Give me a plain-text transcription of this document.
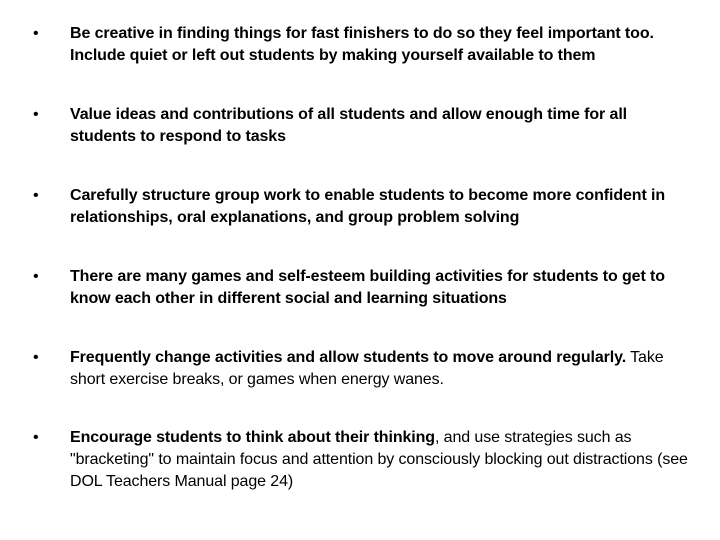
•	Be creative in finding things for fast finishers to do so they feel important too. Include quiet or left out students by making yourself available to them
•	Value ideas and contributions of all students and allow enough time for all students to respond to tasks
•	Carefully structure group work to enable students to become more confident in relationships, oral explanations, and group problem solving
•	There are many games and self-esteem building activities for students to get to know each other in different social and learning situations
•	Frequently change activities and allow students to move around regularly. Take short exercise breaks, or games when energy wanes.
•	Encourage students to think about their thinking, and use strategies such as "bracketing" to maintain focus and attention by consciously blocking out distractions (see DOL Teachers Manual page 24)
